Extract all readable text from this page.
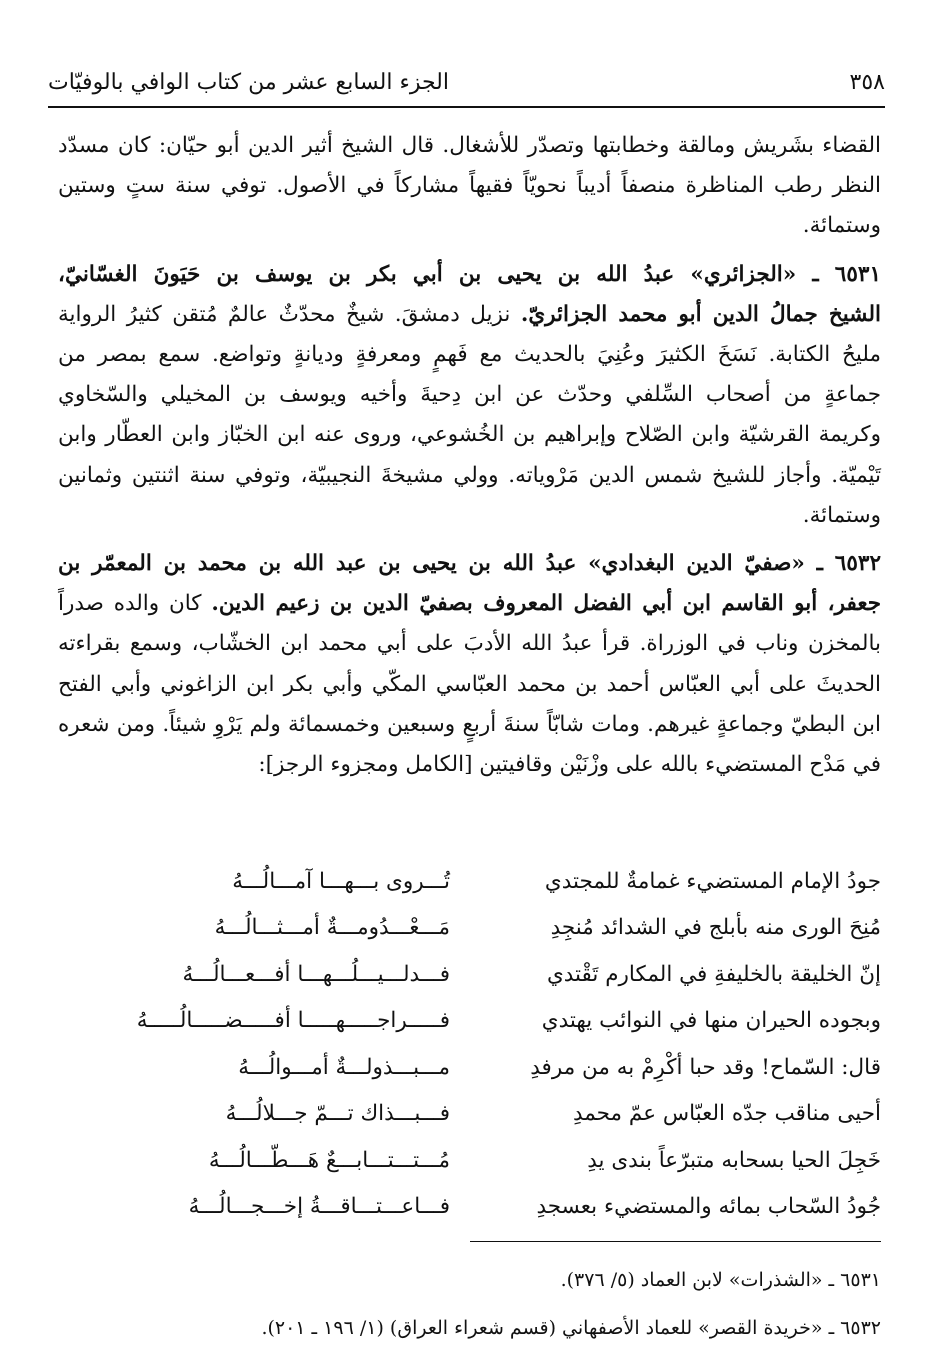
٣٥٨
الجزء السابع عشر من كتاب الوافي بالوفيّات

القضاء بشَريش ومالقة وخطابتها وتصدّر للأشغال. قال الشيخ أثير الدين أبو حيّان: كان مسدّد
النظر رطب المناظرة منصفاً أديباً نحويّاً فقيهاً مشاركاً في الأصول. توفي سنة ستٍ وستين
وستمائة.

٦٥٣١ ـ «الجزائري» عبدُ الله بن يحيى بن أبي بكر بن يوسف بن حَيَونَ الغسّانيّ،
الشيخ جمالُ الدين أبو محمد الجزائريّ. نزيل دمشقَ. شيخٌ محدّثٌ عالمٌ مُتقن كثيرُ الرواية
مليحُ الكتابة. نَسَخَ الكثيرَ وعُنِيَ بالحديث مع فَهمٍ ومعرفةٍ وديانةٍ وتواضع. سمع بمصر من
جماعةٍ من أصحاب السِّلفي وحدّث عن ابن دِحيةَ وأخيه ويوسف بن المخيلي والسّخاوي
وكريمة القرشيّة وابن الصّلاح وإبراهيم بن الخُشوعي، وروى عنه ابن الخبّاز وابن العطّار وابن
تَيْميّة. وأجاز للشيخ شمس الدين مَرْوياته. وولي مشيخةَ النجيبيّة، وتوفي سنة اثنتين وثمانين
وستمائة.

٦٥٣٢ ـ «صفيّ الدين البغدادي» عبدُ الله بن يحيى بن عبد الله بن محمد بن المعمّر بن
جعفر، أبو القاسم ابن أبي الفضل المعروف بصفيّ الدين بن زعيم الدين. كان والده صدراً
بالمخزن وناب في الوزراة. قرأ عبدُ الله الأدبَ على أبي محمد ابن الخشّاب، وسمع بقراءته
الحديثَ على أبي العبّاس أحمد بن محمد العبّاسي المكّي وأبي بكر ابن الزاغوني وأبي الفتح
ابن البطيّ وجماعةٍ غيرهم. ومات شابّاً سنةَ أربعٍ وسبعين وخمسمائة ولم يَرْوِ شيئاً. ومن شعره
في مَدْح المستضيء بالله على وزْنَيْن وقافيتين [الكامل ومجزوء الرجز]:

جودُ الإمام المستضيء غمامةٌ للمجتدي
تُـــروى بـــهـــا آمـــالُـــهُ
مُنِحَ الورى منه بأبلج في الشدائد مُنجِدِ
مَـــعْـــدُومـــةٌ أمـــثـــالُـــهُ
إنّ الخليقة بالخليفةِ في المكارم تَقْتدي
فـــدلـــيـــلُـــهـــا أفـــعـــالُـــهُ
وبجوده الحيران منها في النوائب يهتدي
فـــــراجـــــهـــــا أفـــــضـــــالُـــــهُ
قال: السّماح! وقد حبا أكْرِمْ به من مرفدِ
مـــبـــذولـــةٌ أمـــوالُـــهُ
أحيى مناقب جدّه العبّاس عمّ محمدِ
فـــبـــذاك تـــمّ جـــلالُـــهُ
خَجِلَ الحيا بسحابه متبرّعاً بندى يدِ
مُـــتـــتـــابـــعٌ هَـــطّـــالُـــهُ
جُودُ السّحاب بمائه والمستضيء بعسجدِ
فـــاعـــتـــاقـــةُ إخـــجـــالُـــهُ
٦٥٣١ ـ «الشذرات» لابن العماد (٥/ ٣٧٦).
٦٥٣٢ ـ «خريدة القصر» للعماد الأصفهاني (قسم شعراء العراق) (١/ ١٩٦ ـ ٢٠١).
